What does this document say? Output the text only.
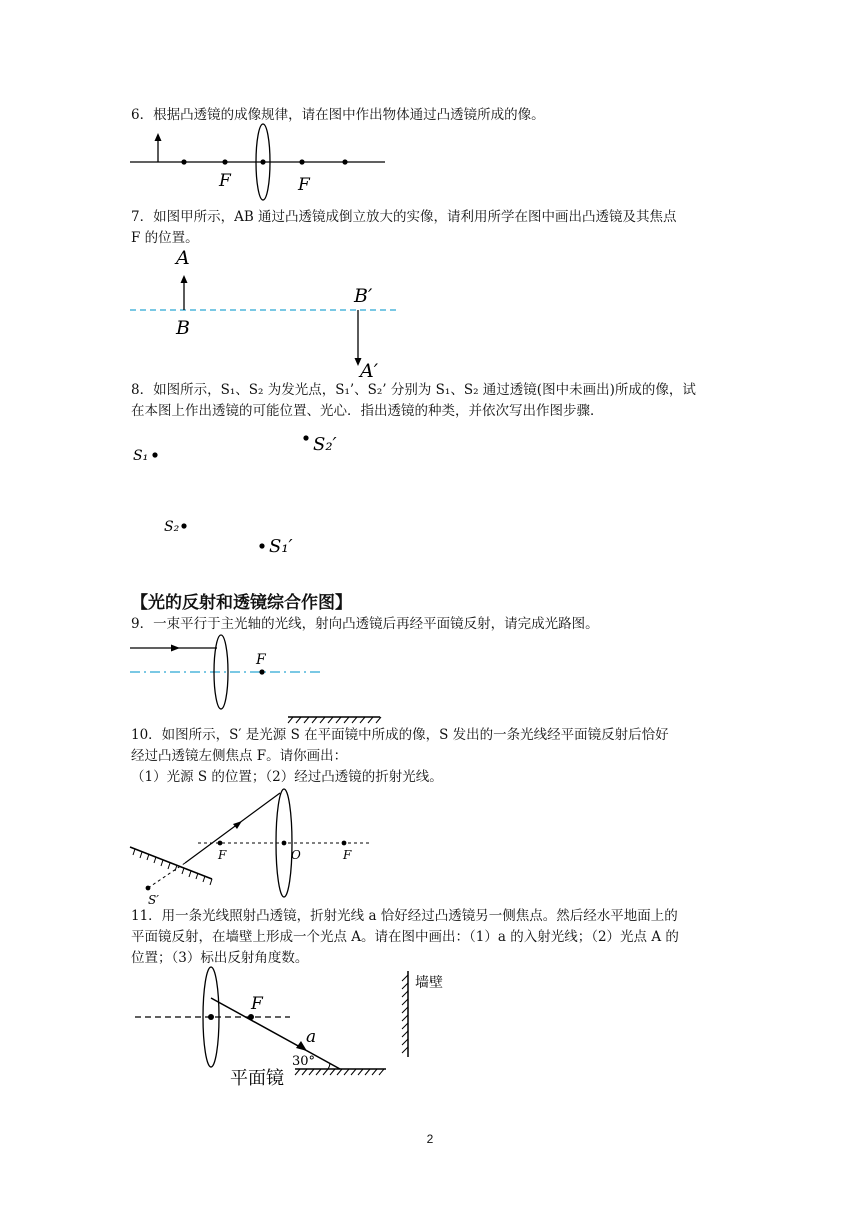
6．根据凸透镜的成像规律，请在图中作出物体通过凸透镜所成的像。
F	F
7．如图甲所示，AB 通过凸透镜成倒立放大的实像，请利用所学在图中画出凸透镜及其焦点
F 的位置。
A
B
B′
A′
8．如图所示，S₁、S₂ 为发光点，S₁’、S₂’ 分别为 S₁、S₂ 通过透镜(图中未画出)所成的像，试
在本图上作出透镜的可能位置、光心．指出透镜的种类，并依次写出作图步骤．
S₁
S₂′
S₂
S₁′
【光的反射和透镜综合作图】
9．一束平行于主光轴的光线，射向凸透镜后再经平面镜反射，请完成光路图。
F
10．如图所示，S′ 是光源 S 在平面镜中所成的像，S 发出的一条光线经平面镜反射后恰好
经过凸透镜左侧焦点 F。请你画出：
（1）光源 S 的位置；（2）经过凸透镜的折射光线。
F	O	F
S′
11．用一条光线照射凸透镜，折射光线 a 恰好经过凸透镜另一侧焦点。然后经水平地面上的
平面镜反射，在墙壁上形成一个光点 A。请在图中画出：（1）a 的入射光线；（2）光点 A 的
位置；（3）标出反射角度数。
F
a
30°
平面镜
墙壁
2
